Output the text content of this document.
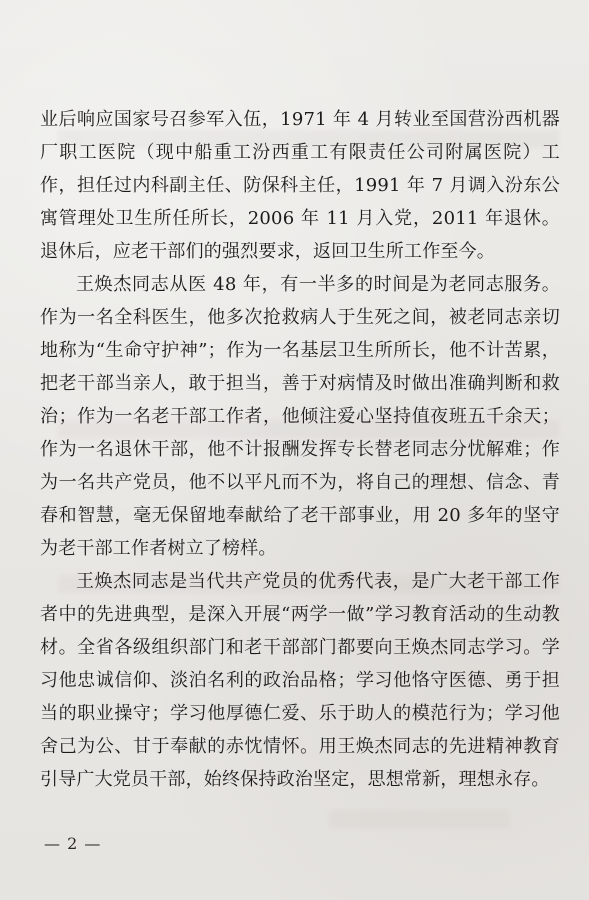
业后响应国家号召参军入伍，1971 年 4 月转业至国营汾西机器厂职工医院（现中船重工汾西重工有限责任公司附属医院）工作，担任过内科副主任、防保科主任，1991 年 7 月调入汾东公寓管理处卫生所任所长，2006 年 11 月入党，2011 年退休。退休后，应老干部们的强烈要求，返回卫生所工作至今。

王焕杰同志从医 48 年，有一半多的时间是为老同志服务。作为一名全科医生，他多次抢救病人于生死之间，被老同志亲切地称为“生命守护神”；作为一名基层卫生所所长，他不计苦累，把老干部当亲人，敢于担当，善于对病情及时做出准确判断和救治；作为一名老干部工作者，他倾注爱心坚持值夜班五千余天；作为一名退休干部，他不计报酬发挥专长替老同志分忧解难；作为一名共产党员，他不以平凡而不为，将自己的理想、信念、青春和智慧，毫无保留地奉献给了老干部事业，用 20 多年的坚守为老干部工作者树立了榜样。

王焕杰同志是当代共产党员的优秀代表，是广大老干部工作者中的先进典型，是深入开展“两学一做”学习教育活动的生动教材。全省各级组织部门和老干部部门都要向王焕杰同志学习。学习他忠诚信仰、淡泊名利的政治品格；学习他恪守医德、勇于担当的职业操守；学习他厚德仁爱、乐于助人的模范行为；学习他舍己为公、甘于奉献的赤忱情怀。用王焕杰同志的先进精神教育引导广大党员干部，始终保持政治坚定，思想常新，理想永存。

— 2 —
